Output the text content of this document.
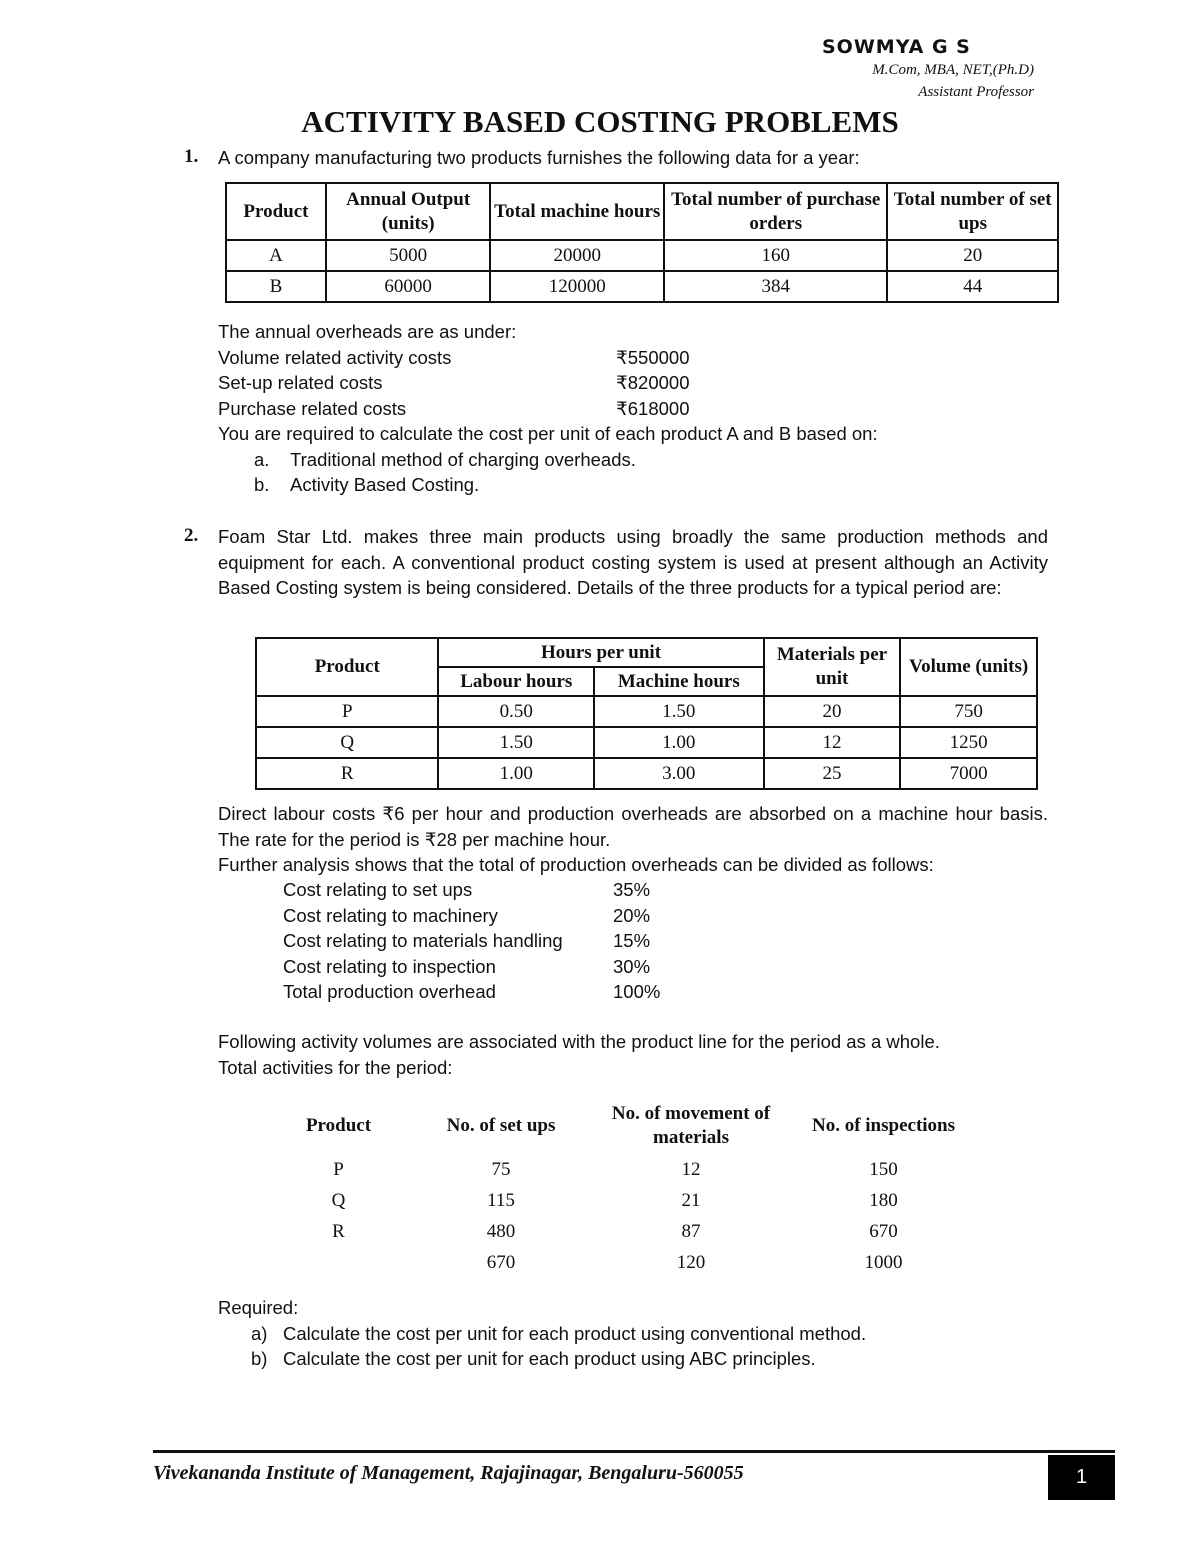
SOWMYA G S
M.Com, MBA, NET,(Ph.D)
Assistant Professor
ACTIVITY BASED COSTING PROBLEMS
1. A company manufacturing two products furnishes the following data for a year:
Product	Annual Output (units)	Total machine hours	Total number of purchase orders	Total number of set ups
A	5000	20000	160	20
B	60000	120000	384	44
The annual overheads are as under:
Volume related activity costs	₹550000
Set-up related costs	₹820000
Purchase related costs	₹618000
You are required to calculate the cost per unit of each product A and B based on:
a.	Traditional method of charging overheads.
b.	Activity Based Costing.
2. Foam Star Ltd. makes three main products using broadly the same production methods and equipment for each. A conventional product costing system is used at present although an Activity Based Costing system is being considered. Details of the three products for a typical period are:
Product	Hours per unit		Materials per unit	Volume (units)
	Labour hours	Machine hours		
P	0.50	1.50	20	750
Q	1.50	1.00	12	1250
R	1.00	3.00	25	7000
Direct labour costs ₹6 per hour and production overheads are absorbed on a machine hour basis. The rate for the period is ₹28 per machine hour.
Further analysis shows that the total of production overheads can be divided as follows:
Cost relating to set ups	35%
Cost relating to machinery	20%
Cost relating to materials handling	15%
Cost relating to inspection	30%
Total production overhead	100%
Following activity volumes are associated with the product line for the period as a whole.
Total activities for the period:
Product	No. of set ups	No. of movement of materials	No. of inspections
P	75	12	150
Q	115	21	180
R	480	87	670
	670	120	1000
Required:
a) Calculate the cost per unit for each product using conventional method.
b) Calculate the cost per unit for each product using ABC principles.
Vivekananda Institute of Management, Rajajinagar, Bengaluru-560055	1
